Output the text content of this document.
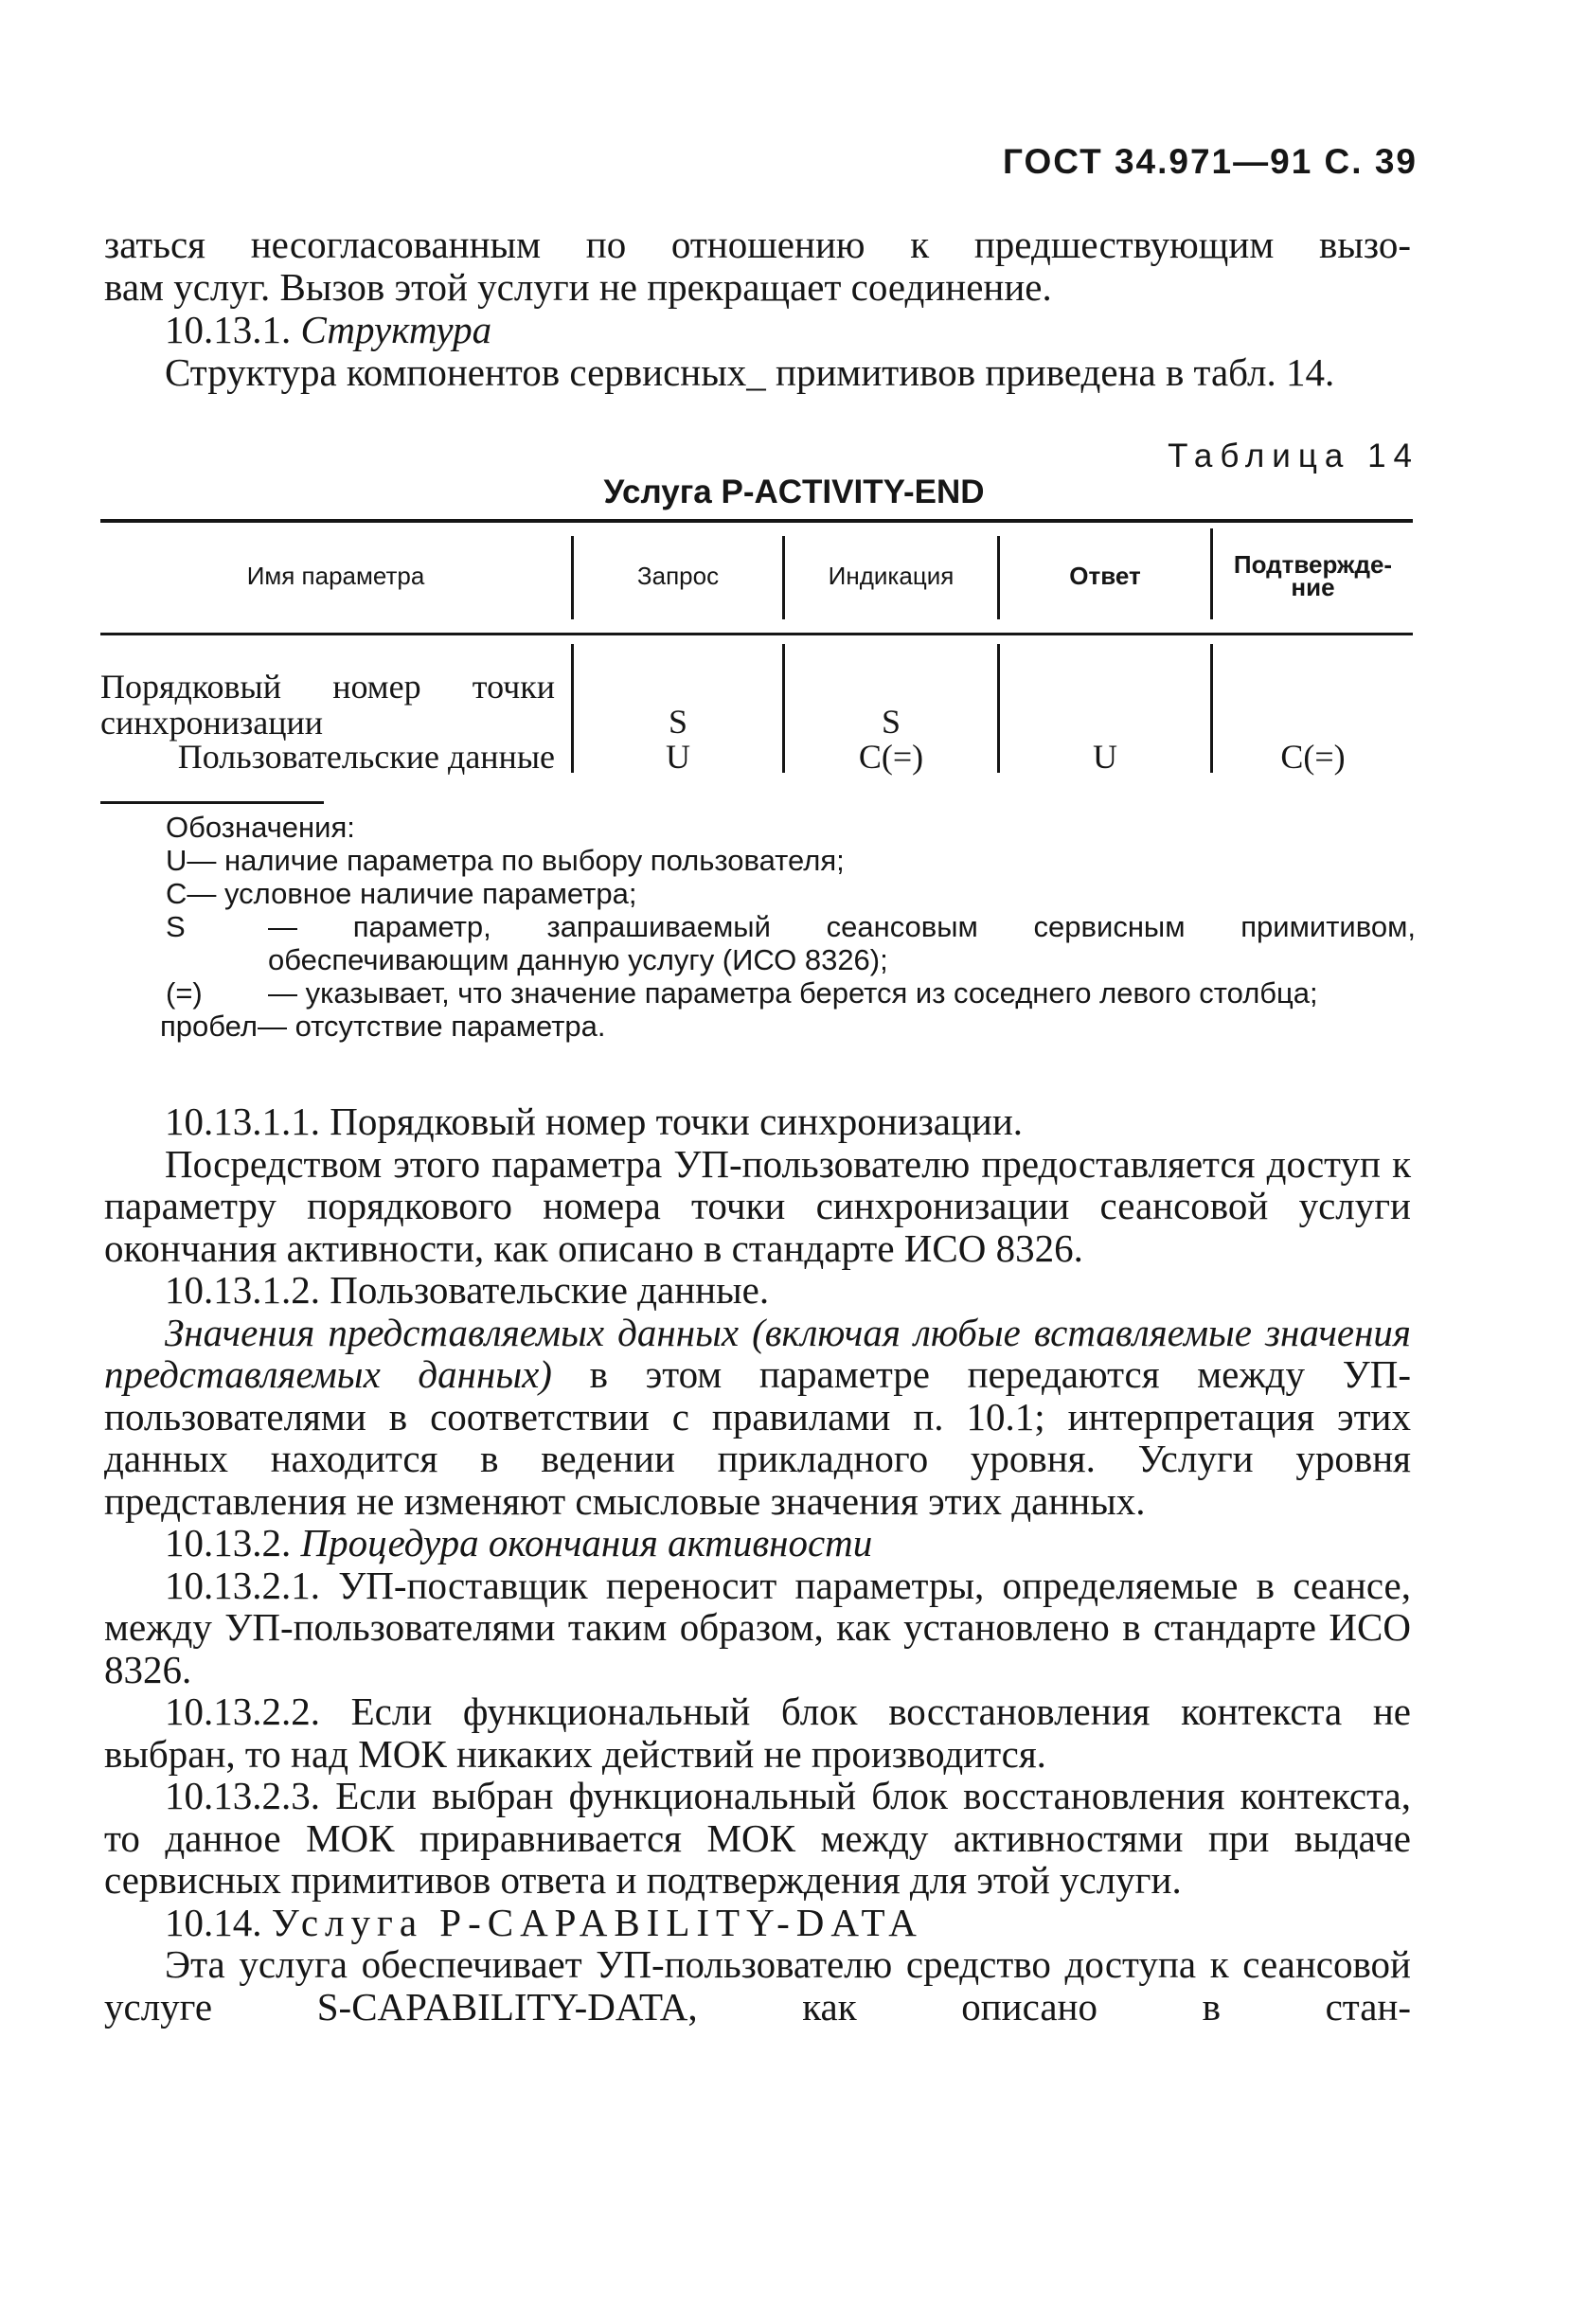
ГОСТ 34.971—91 С. 39

заться несогласованным по отношению к предшествующим вызо-

вам услуг. Вызов этой услуги не прекращает соединение.

10.13.1. Структура

Структура компонентов сервисных_ примитивов приведена в табл. 14.

Таблица 14
Услуга P-ACTIVITY-END
Имя параметра	Запрос	Индикация	Ответ	Подтвержде-
ние
Порядковый номер точки синхронизации	S	S
Пользовательские данные	U	C(=)	U	C(=)
Обозначения:
U — наличие параметра по выбору пользователя;
C — условное наличие параметра;
S	— параметр, запрашиваемый сеансовым сервисным примитивом, обеспечивающим данную услугу (ИСО 8326);
(=)	— указывает, что значение параметра берется из соседнего левого столбца;
пробел — отсутствие параметра.

10.13.1.1. Порядковый номер точки синхронизации.

Посредством этого параметра УП-пользователю предоставляется доступ к параметру порядкового номера точки синхронизации сеансовой услуги окончания активности, как описано в стандарте ИСО 8326.

10.13.1.2. Пользовательские данные.

Значения представляемых данных (включая любые вставляемые значения представляемых данных) в этом параметре передаются между УП-пользователями в соответствии с правилами п. 10.1; интерпретация этих данных находится в ведении прикладного уровня. Услуги уровня представления не изменяют смысловые значения этих данных.

10.13.2. Процедура окончания активности

10.13.2.1. УП-поставщик переносит параметры, определяемые в сеансе, между УП-пользователями таким образом, как установлено в стандарте ИСО 8326.

10.13.2.2. Если функциональный блок восстановления контекста не выбран, то над МОК никаких действий не производится.

10.13.2.3. Если выбран функциональный блок восстановления контекста, то данное МОК приравнивается МОК между активностями при выдаче сервисных примитивов ответа и подтверждения для этой услуги.

10.14. Услуга P-CAPABILITY-DATA

Эта услуга обеспечивает УП-пользователю средство доступа к сеансовой услуге S-CAPABILITY-DATA, как описано в стан-
